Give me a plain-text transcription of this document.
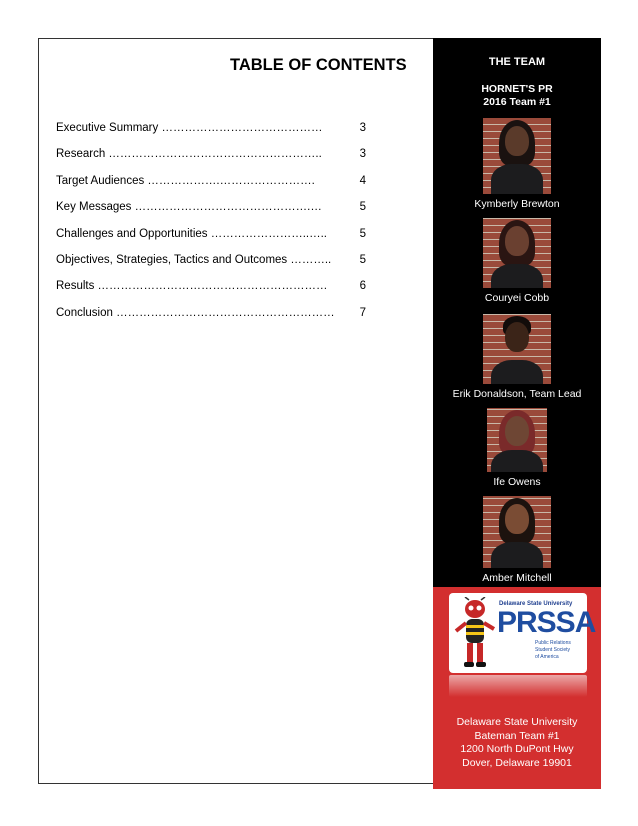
TABLE OF CONTENTS
Executive Summary ……………………………………	3
Research ………………………………………………..	3
Target Audiences ……………….…………………….	4
Key Messages ……………………………………….…	5
Challenges and Opportunities ……………………..…..	5
Objectives, Strategies, Tactics and Outcomes ……….. 5
Results ……………………………………………………	6
Conclusion ………………………………………………… 7
THE TEAM
HORNET'S PR
2016 Team #1
Kymberly Brewton
Couryei Cobb
Erik Donaldson, Team Lead
Ife Owens
Amber Mitchell
Delaware State University
PRSSA
Public Relations
Student Society
of America
Delaware State University
Bateman Team #1
1200 North DuPont Hwy
Dover, Delaware 19901
